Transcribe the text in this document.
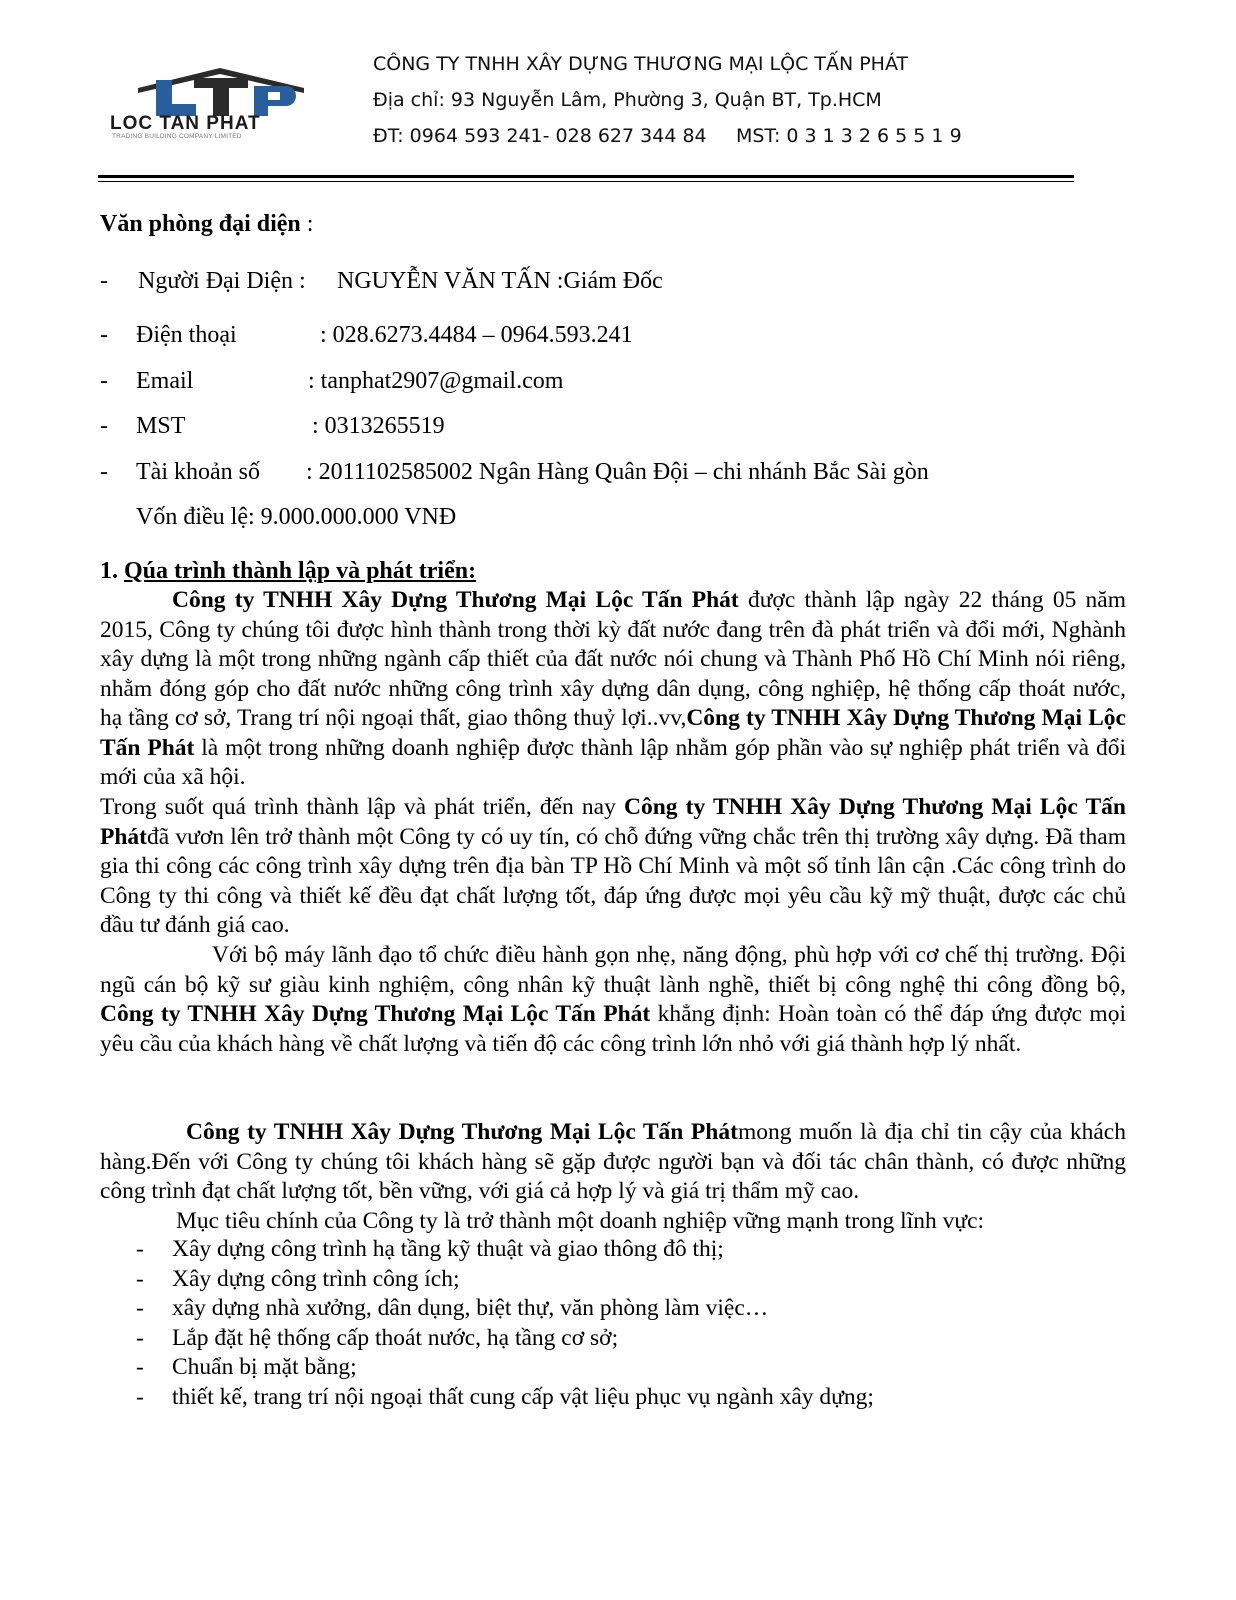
LOC TAN PHAT
TRADING BUILDING COMPANY LIMITED
CÔNG TY TNHH XÂY DỰNG THƯƠNG MẠI LỘC TẤN PHÁT
Địa chỉ: 93 Nguyễn Lâm, Phường 3, Quận BT, Tp.HCM
ĐT: 0964 593 241- 028 627 344 84 MST: 0 3 1 3 2 6 5 5 1 9
Văn phòng đại diện :
- Người Đại Diện : NGUYỄN VĂN TẤN :Giám Đốc
- Điện thoại	: 028.6273.4484 – 0964.593.241
- Email	: tanphat2907@gmail.com
- MST	: 0313265519
- Tài khoản số : 2011102585002 Ngân Hàng Quân Đội – chi nhánh Bắc Sài gòn
Vốn điều lệ: 9.000.000.000 VNĐ
1. Qúa trình thành lập và phát triển:
Công ty TNHH Xây Dựng Thương Mại Lộc Tấn Phát được thành lập ngày 22 tháng 05 năm 2015, Công ty chúng tôi được hình thành trong thời kỳ đất nước đang trên đà phát triển và đổi mới, Nghành xây dựng là một trong những ngành cấp thiết của đất nước nói chung và Thành Phố Hồ Chí Minh nói riêng, nhằm đóng góp cho đất nước những công trình xây dựng dân dụng, công nghiệp, hệ thống cấp thoát nước, hạ tầng cơ sở, Trang trí nội ngoại thất, giao thông thuỷ lợi..vv,Công ty TNHH Xây Dựng Thương Mại Lộc Tấn Phát là một trong những doanh nghiệp được thành lập nhằm góp phần vào sự nghiệp phát triển và đổi mới của xã hội.
Trong suốt quá trình thành lập và phát triển, đến nay Công ty TNHH Xây Dựng Thương Mại Lộc Tấn Phátđã vươn lên trở thành một Công ty có uy tín, có chỗ đứng vững chắc trên thị trường xây dựng. Đã tham gia thi công các công trình xây dựng trên địa bàn TP Hồ Chí Minh và một số tỉnh lân cận .Các công trình do Công ty thi công và thiết kế đều đạt chất lượng tốt, đáp ứng được mọi yêu cầu kỹ mỹ thuật, được các chủ đầu tư đánh giá cao.
Với bộ máy lãnh đạo tổ chức điều hành gọn nhẹ, năng động, phù hợp với cơ chế thị trường. Đội ngũ cán bộ kỹ sư giàu kinh nghiệm, công nhân kỹ thuật lành nghề, thiết bị công nghệ thi công đồng bộ, Công ty TNHH Xây Dựng Thương Mại Lộc Tấn Phát khẳng định: Hoàn toàn có thể đáp ứng được mọi yêu cầu của khách hàng về chất lượng và tiến độ các công trình lớn nhỏ với giá thành hợp lý nhất.
Công ty TNHH Xây Dựng Thương Mại Lộc Tấn Phátmong muốn là địa chỉ tin cậy của khách hàng.Đến với Công ty chúng tôi khách hàng sẽ gặp được người bạn và đối tác chân thành, có được những công trình đạt chất lượng tốt, bền vững, với giá cả hợp lý và giá trị thẩm mỹ cao.
Mục tiêu chính của Công ty là trở thành một doanh nghiệp vững mạnh trong lĩnh vực:
- Xây dựng công trình hạ tầng kỹ thuật và giao thông đô thị;
- Xây dựng công trình công ích;
- xây dựng nhà xưởng, dân dụng, biệt thự, văn phòng làm việc…
- Lắp đặt hệ thống cấp thoát nước, hạ tầng cơ sở;
- Chuẩn bị mặt bằng;
- thiết kế, trang trí nội ngoại thất cung cấp vật liệu phục vụ ngành xây dựng;
